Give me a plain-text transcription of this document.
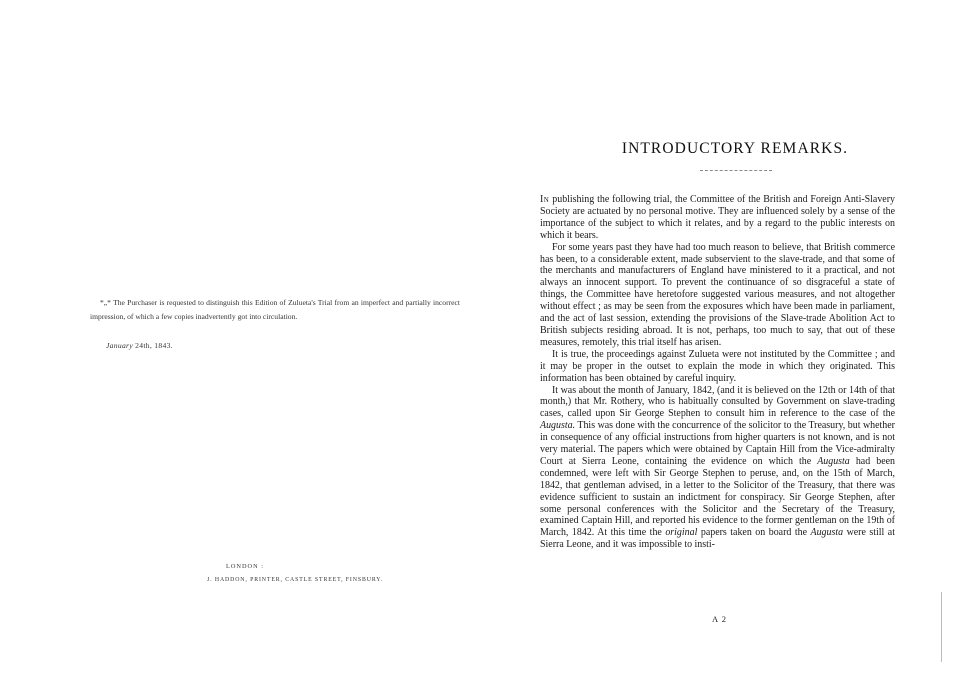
*„* The Purchaser is requested to distinguish this Edition of Zulueta's Trial from an imperfect and partially incorrect impression, of which a few copies inadvertently got into circulation.

January 24th, 1843.
LONDON :
J. HADDON, PRINTER, CASTLE STREET, FINSBURY.
INTRODUCTORY REMARKS.

In publishing the following trial, the Committee of the British and Foreign Anti-Slavery Society are actuated by no personal motive. They are influenced solely by a sense of the importance of the subject to which it relates, and by a regard to the public interests on which it bears.

For some years past they have had too much reason to believe, that British commerce has been, to a considerable extent, made subservient to the slave-trade, and that some of the merchants and manufacturers of England have ministered to it a practical, and not always an innocent support. To prevent the continuance of so disgraceful a state of things, the Committee have heretofore suggested various measures, and not altogether without effect ; as may be seen from the exposures which have been made in parliament, and the act of last session, extending the provisions of the Slave-trade Abolition Act to British subjects residing abroad. It is not, perhaps, too much to say, that out of these measures, remotely, this trial itself has arisen.

It is true, the proceedings against Zulueta were not instituted by the Committee ; and it may be proper in the outset to explain the mode in which they originated. This information has been obtained by careful inquiry.

It was about the month of January, 1842, (and it is believed on the 12th or 14th of that month,) that Mr. Rothery, who is habitually consulted by Government on slave-trading cases, called upon Sir George Stephen to consult him in reference to the case of the Augusta. This was done with the concurrence of the solicitor to the Treasury, but whether in consequence of any official instructions from higher quarters is not known, and is not very material. The papers which were obtained by Captain Hill from the Vice-admiralty Court at Sierra Leone, containing the evidence on which the Augusta had been condemned, were left with Sir George Stephen to peruse, and, on the 15th of March, 1842, that gentleman advised, in a letter to the Solicitor of the Treasury, that there was evidence sufficient to sustain an indictment for conspiracy. Sir George Stephen, after some personal conferences with the Solicitor and the Secretary of the Treasury, examined Captain Hill, and reported his evidence to the former gentleman on the 19th of March, 1842. At this time the original papers taken on board the Augusta were still at Sierra Leone, and it was impossible to insti-

A 2
